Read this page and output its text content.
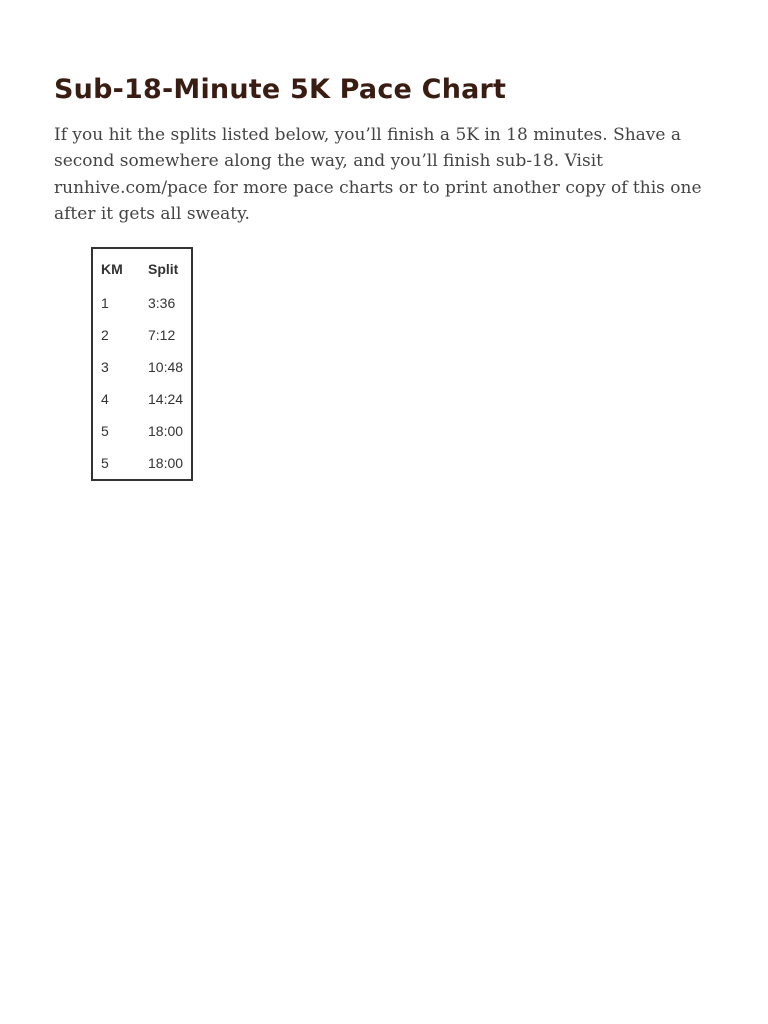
Sub-18-Minute 5K Pace Chart

If you hit the splits listed below, you’ll finish a 5K in 18 minutes. Shave a second somewhere along the way, and you’ll finish sub-18. Visit runhive.com/pace for more pace charts or to print another copy of this one after it gets all sweaty.

KM	Split
1	3:36
2	7:12
3	10:48
4	14:24
5	18:00
5	18:00
